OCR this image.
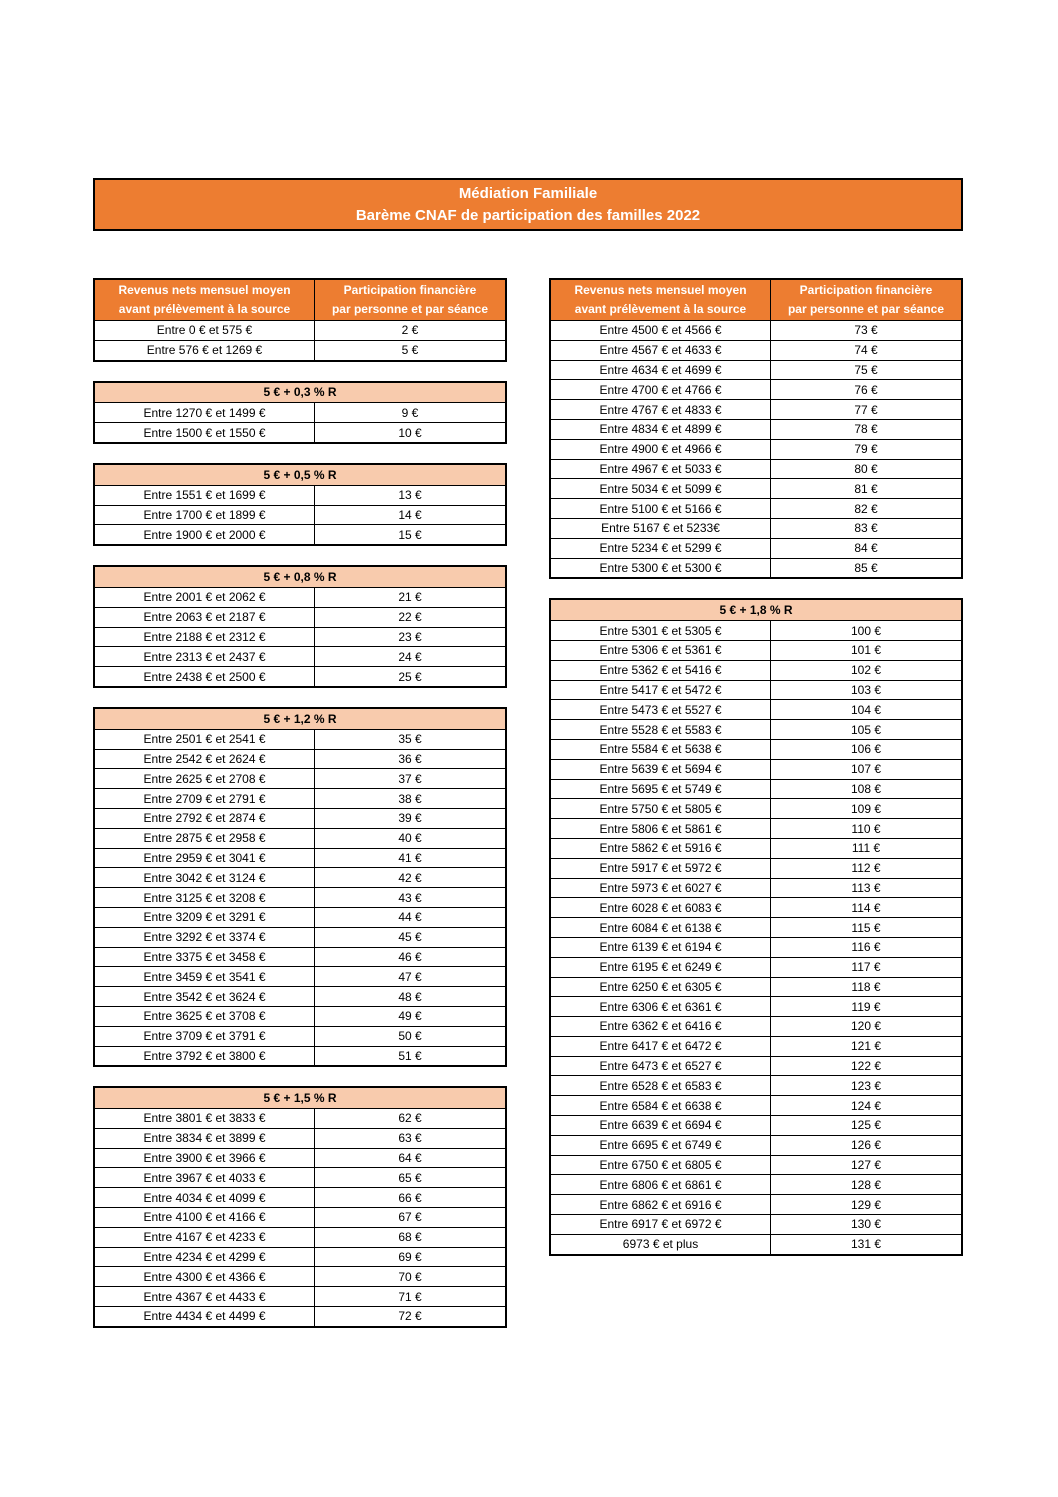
Médiation Familiale
Barème CNAF de participation des familles 2022
Revenus nets mensuel moyen
avant prélèvement à la source
Participation financière
par personne et par séance
Entre 0 € et 575 €	2 €
Entre 576 € et 1269 €	5 €
5 € + 0,3 % R
Entre 1270 € et 1499 €	9 €
Entre 1500 € et 1550 €	10 €
5 € + 0,5 % R
Entre 1551 € et 1699 €	13 €
Entre 1700 € et 1899 €	14 €
Entre 1900 € et 2000 €	15 €
5 € + 0,8 % R
Entre 2001 € et 2062 €	21 €
Entre 2063 € et 2187 €	22 €
Entre 2188 € et 2312 €	23 €
Entre 2313 € et 2437 €	24 €
Entre 2438 € et 2500 €	25 €
5 € + 1,2 % R
Entre 2501 € et 2541 €	35 €
Entre 2542 € et 2624 €	36 €
Entre 2625 € et 2708 €	37 €
Entre 2709 € et 2791 €	38 €
Entre 2792 € et 2874 €	39 €
Entre 2875 € et 2958 €	40 €
Entre 2959 € et 3041 €	41 €
Entre 3042 € et 3124 €	42 €
Entre 3125 € et 3208 €	43 €
Entre 3209 € et 3291 €	44 €
Entre 3292 € et 3374 €	45 €
Entre 3375 € et 3458 €	46 €
Entre 3459 € et 3541 €	47 €
Entre 3542 € et 3624 €	48 €
Entre 3625 € et 3708 €	49 €
Entre 3709 € et 3791 €	50 €
Entre 3792 € et 3800 €	51 €
5 € + 1,5 % R
Entre 3801 € et 3833 €	62 €
Entre 3834 € et 3899 €	63 €
Entre 3900 € et 3966 €	64 €
Entre 3967 € et 4033 €	65 €
Entre 4034 € et 4099 €	66 €
Entre 4100 € et 4166 €	67 €
Entre 4167 € et 4233 €	68 €
Entre 4234 € et 4299 €	69 €
Entre 4300 € et 4366 €	70 €
Entre 4367 € et 4433 €	71 €
Entre 4434 € et 4499 €	72 €
Revenus nets mensuel moyen
avant prélèvement à la source
Participation financière
par personne et par séance
Entre 4500 € et 4566 €	73 €
Entre 4567 € et 4633 €	74 €
Entre 4634 € et 4699 €	75 €
Entre 4700 € et 4766 €	76 €
Entre 4767 € et 4833 €	77 €
Entre 4834 € et 4899 €	78 €
Entre 4900 € et 4966 €	79 €
Entre 4967 € et 5033 €	80 €
Entre 5034 € et 5099 €	81 €
Entre 5100 € et 5166 €	82 €
Entre 5167 € et 5233€	83 €
Entre 5234 € et 5299 €	84 €
Entre 5300 € et 5300 €	85 €
5 € + 1,8 % R
Entre 5301 € et 5305 €	100 €
Entre 5306 € et 5361 €	101 €
Entre 5362 € et 5416 €	102 €
Entre 5417 € et 5472 €	103 €
Entre 5473 € et 5527 €	104 €
Entre 5528 € et 5583 €	105 €
Entre 5584 € et 5638 €	106 €
Entre 5639 € et 5694 €	107 €
Entre 5695 € et 5749 €	108 €
Entre 5750 € et 5805 €	109 €
Entre 5806 € et 5861 €	110 €
Entre 5862 € et 5916 €	111 €
Entre 5917 € et 5972 €	112 €
Entre 5973 € et 6027 €	113 €
Entre 6028 € et 6083 €	114 €
Entre 6084 € et 6138 €	115 €
Entre 6139 € et 6194 €	116 €
Entre 6195 € et 6249 €	117 €
Entre 6250 € et 6305 €	118 €
Entre 6306 € et 6361 €	119 €
Entre 6362 € et 6416 €	120 €
Entre 6417 € et 6472 €	121 €
Entre 6473 € et 6527 €	122 €
Entre 6528 € et 6583 €	123 €
Entre 6584 € et 6638 €	124 €
Entre 6639 € et 6694 €	125 €
Entre 6695 € et 6749 €	126 €
Entre 6750 € et 6805 €	127 €
Entre 6806 € et 6861 €	128 €
Entre 6862 € et 6916 €	129 €
Entre 6917 € et 6972 €	130 €
6973 € et plus	131 €
